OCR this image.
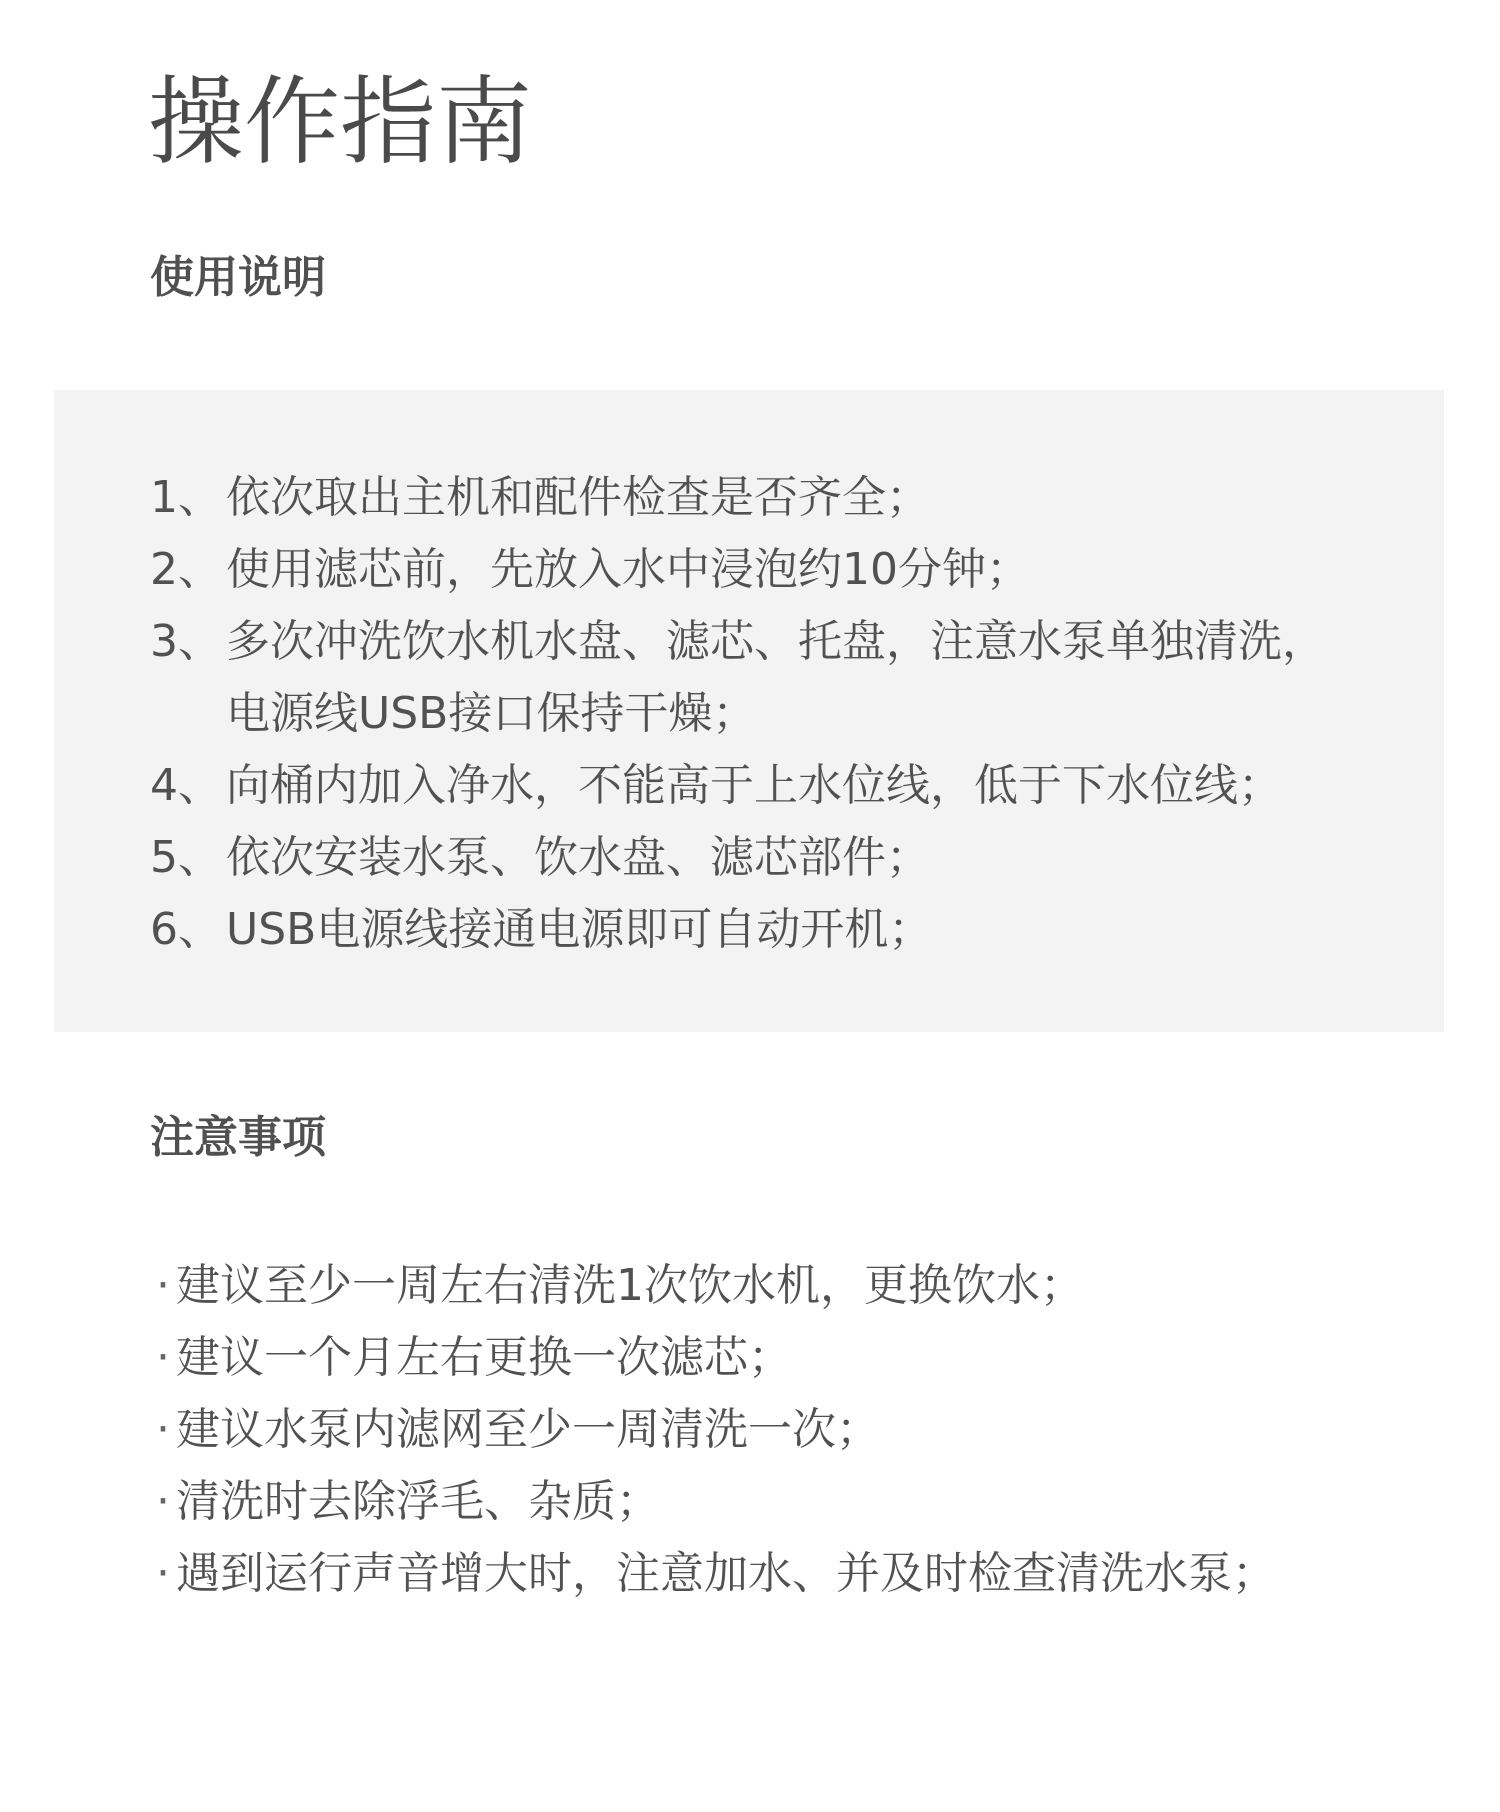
操作指南
使用说明
1、 依次取出主机和配件检查是否齐全；
2、 使用滤芯前，先放入水中浸泡约10分钟；
3、 多次冲洗饮水机水盘、滤芯、托盘，注意水泵单独清洗，
电源线USB接口保持干燥；
4、 向桶内加入净水，不能高于上水位线，低于下水位线；
5、 依次安装水泵、饮水盘、滤芯部件；
6、 USB电源线接通电源即可自动开机；
注意事项
· 建议至少一周左右清洗1次饮水机，更换饮水；
· 建议一个月左右更换一次滤芯；
· 建议水泵内滤网至少一周清洗一次；
· 清洗时去除浮毛、杂质；
· 遇到运行声音增大时，注意加水、并及时检查清洗水泵；
